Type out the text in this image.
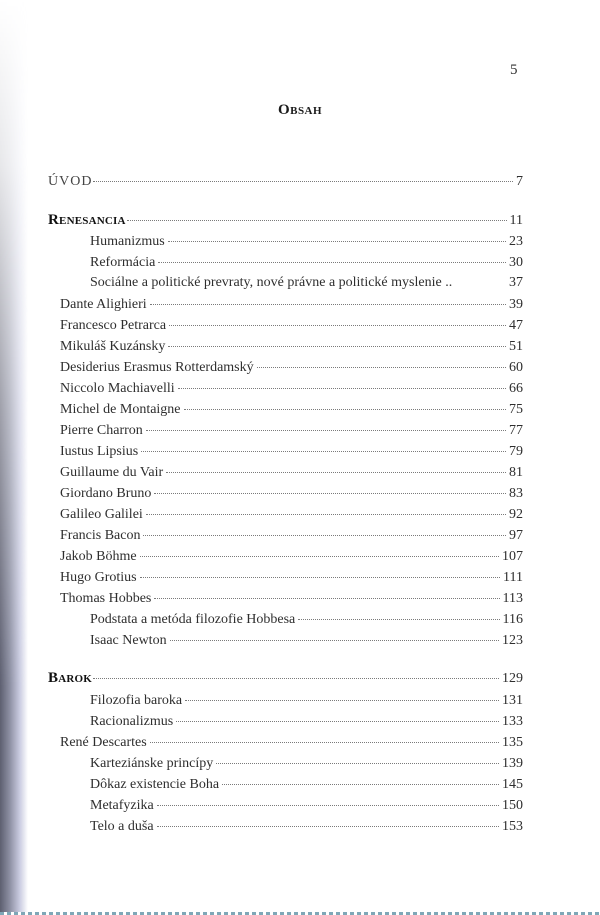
5
Obsah
ÚVOD	7
Renesancia	11
Humanizmus	23
Reformácia	30
Sociálne a politické prevraty, nové právne a politické myslenie ..	37
Dante Alighieri	39
Francesco Petrarca	47
Mikuláš Kuzánsky	51
Desiderius Erasmus Rotterdamský	60
Niccolo Machiavelli	66
Michel de Montaigne	75
Pierre Charron	77
Iustus Lipsius	79
Guillaume du Vair	81
Giordano Bruno	83
Galileo Galilei	92
Francis Bacon	97
Jakob Böhme	107
Hugo Grotius	111
Thomas Hobbes	113
Podstata a metóda filozofie Hobbesa	116
Isaac Newton	123
Barok	129
Filozofia baroka	131
Racionalizmus	133
René Descartes	135
Karteziánske princípy	139
Dôkaz existencie Boha	145
Metafyzika	150
Telo a duša	153
